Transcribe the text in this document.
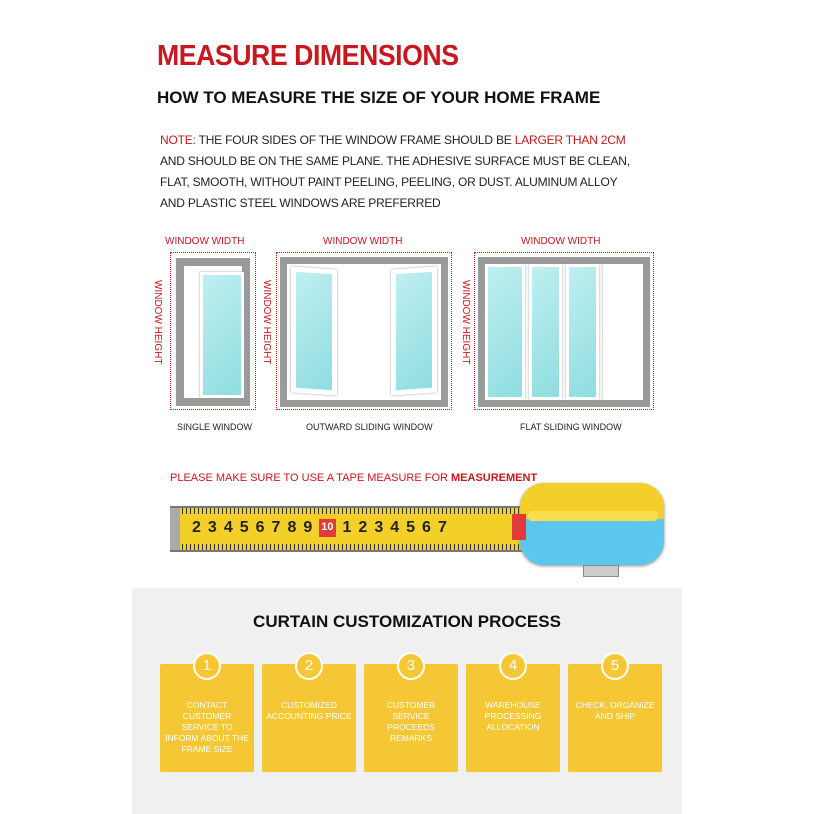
MEASURE DIMENSIONS
HOW TO MEASURE THE SIZE OF YOUR HOME FRAME
NOTE: THE FOUR SIDES OF THE WINDOW FRAME SHOULD BE LARGER THAN 2CM AND SHOULD BE ON THE SAME PLANE. THE ADHESIVE SURFACE MUST BE CLEAN, FLAT, SMOOTH, WITHOUT PAINT PEELING, PEELING, OR DUST. ALUMINUM ALLOY AND PLASTIC STEEL WINDOWS ARE PREFERRED
WINDOW WIDTH
WINDOW HEIGHT
SINGLE WINDOW
WINDOW WIDTH
WINDOW HEIGHT
OUTWARD SLIDING WINDOW
WINDOW WIDTH
WINDOW HEIGHT
FLAT SLIDING WINDOW
PLEASE MAKE SURE TO USE A TAPE MEASURE FOR MEASUREMENT
2 3 4 5 6 7 8 9 10 1 2 3 4 5 6 7
CURTAIN CUSTOMIZATION PROCESS
1
CONTACT CUSTOMER SERVICE TO INFORM ABOUT THE FRAME SIZE
2
CUSTOMIZED ACCOUNTING PRICE
3
CUSTOMER SERVICE PROCEEDS REMARKS
4
WAREHOUSE PROCESSING ALLOCATION
5
CHECK, ORGANIZE AND SHIP
